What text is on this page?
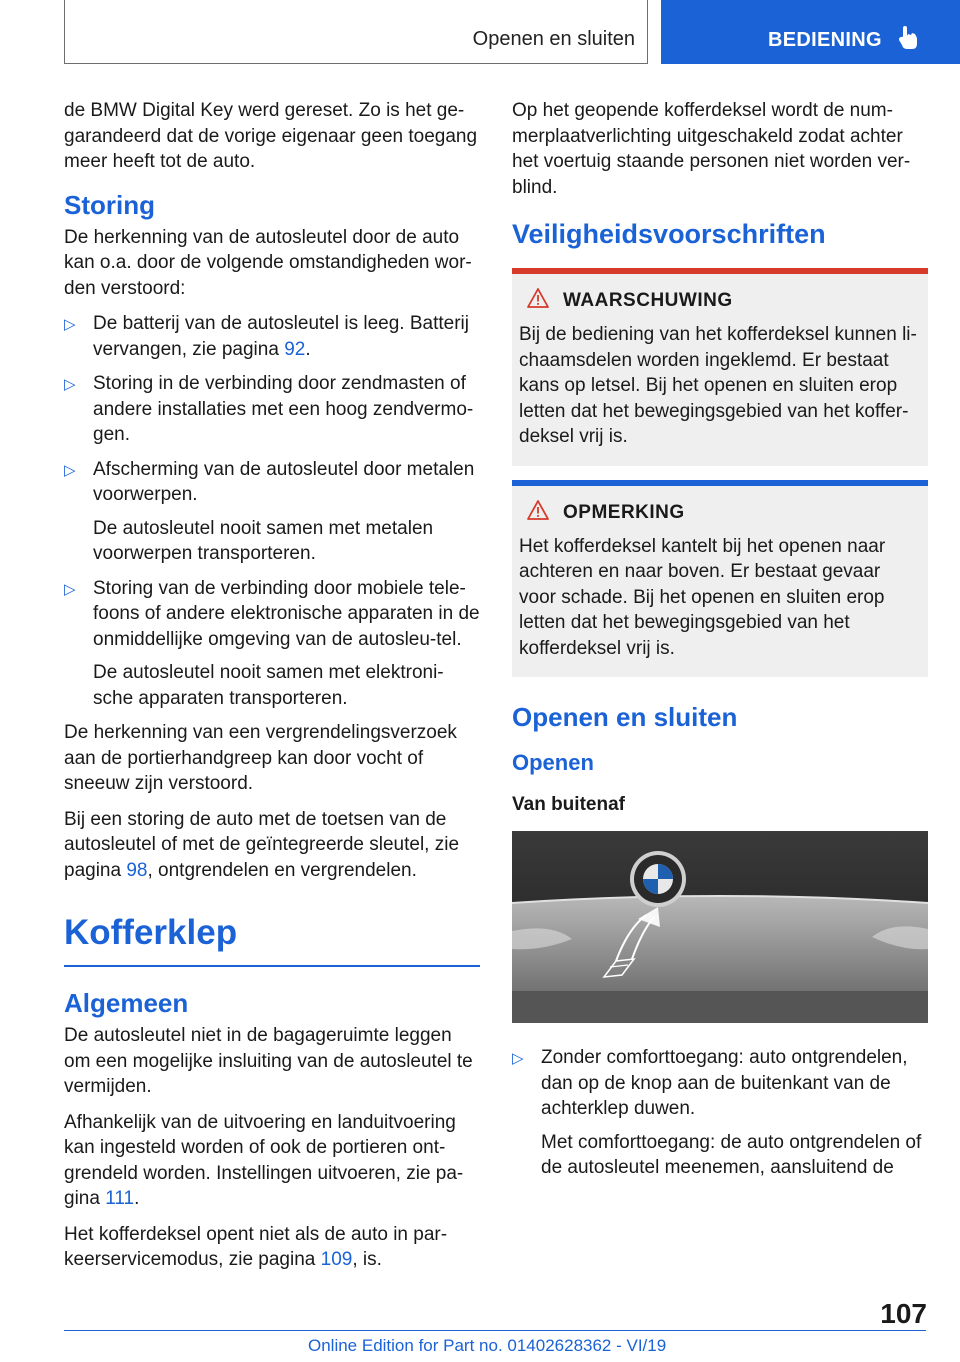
Openen en sluiten	BEDIENING

de BMW Digital Key werd gereset. Zo is het ge-garandeerd dat de vorige eigenaar geen toegang meer heeft tot de auto.

Storing

De herkenning van de autosleutel door de auto kan o.a. door de volgende omstandigheden wor-den verstoord:

▷ De batterij van de autosleutel is leeg. Batterij vervangen, zie pagina 92.

▷ Storing in de verbinding door zendmasten of andere installaties met een hoog zendvermo-gen.

▷ Afscherming van de autosleutel door metalen voorwerpen.

De autosleutel nooit samen met metalen voorwerpen transporteren.

▷ Storing van de verbinding door mobiele tele-foons of andere elektronische apparaten in de onmiddellijke omgeving van de autosleu-tel.

De autosleutel nooit samen met elektroni-sche apparaten transporteren.

De herkenning van een vergrendelingsverzoek aan de portierhandgreep kan door vocht of sneeuw zijn verstoord.

Bij een storing de auto met de toetsen van de autosleutel of met de geïntegreerde sleutel, zie pagina 98, ontgrendelen en vergrendelen.

Kofferklep
Algemeen

De autosleutel niet in de bagageruimte leggen om een mogelijke insluiting van de autosleutel te vermijden.

Afhankelijk van de uitvoering en landuitvoering kan ingesteld worden of ook de portieren ont-grendeld worden. Instellingen uitvoeren, zie pa-gina 111.

Het kofferdeksel opent niet als de auto in par-keerservicemodus, zie pagina 109, is.

Op het geopende kofferdeksel wordt de num-merplaatverlichting uitgeschakeld zodat achter het voertuig staande personen niet worden ver-blind.

Veiligheidsvoorschriften
WAARSCHUWING

Bij de bediening van het kofferdeksel kunnen li-chaamsdelen worden ingeklemd. Er bestaat kans op letsel. Bij het openen en sluiten erop letten dat het bewegingsgebied van het koffer-deksel vrij is.

OPMERKING

Het kofferdeksel kantelt bij het openen naar achteren en naar boven. Er bestaat gevaar voor schade. Bij het openen en sluiten erop letten dat het bewegingsgebied van het kofferdeksel vrij is.

Openen en sluiten
Openen
Van buitenaf
▷ Zonder comforttoegang: auto ontgrendelen, dan op de knop aan de buitenkant van de achterklep duwen.

Met comforttoegang: de auto ontgrendelen of de autosleutel meenemen, aansluitend de

107
Online Edition for Part no. 01402628362 - VI/19
